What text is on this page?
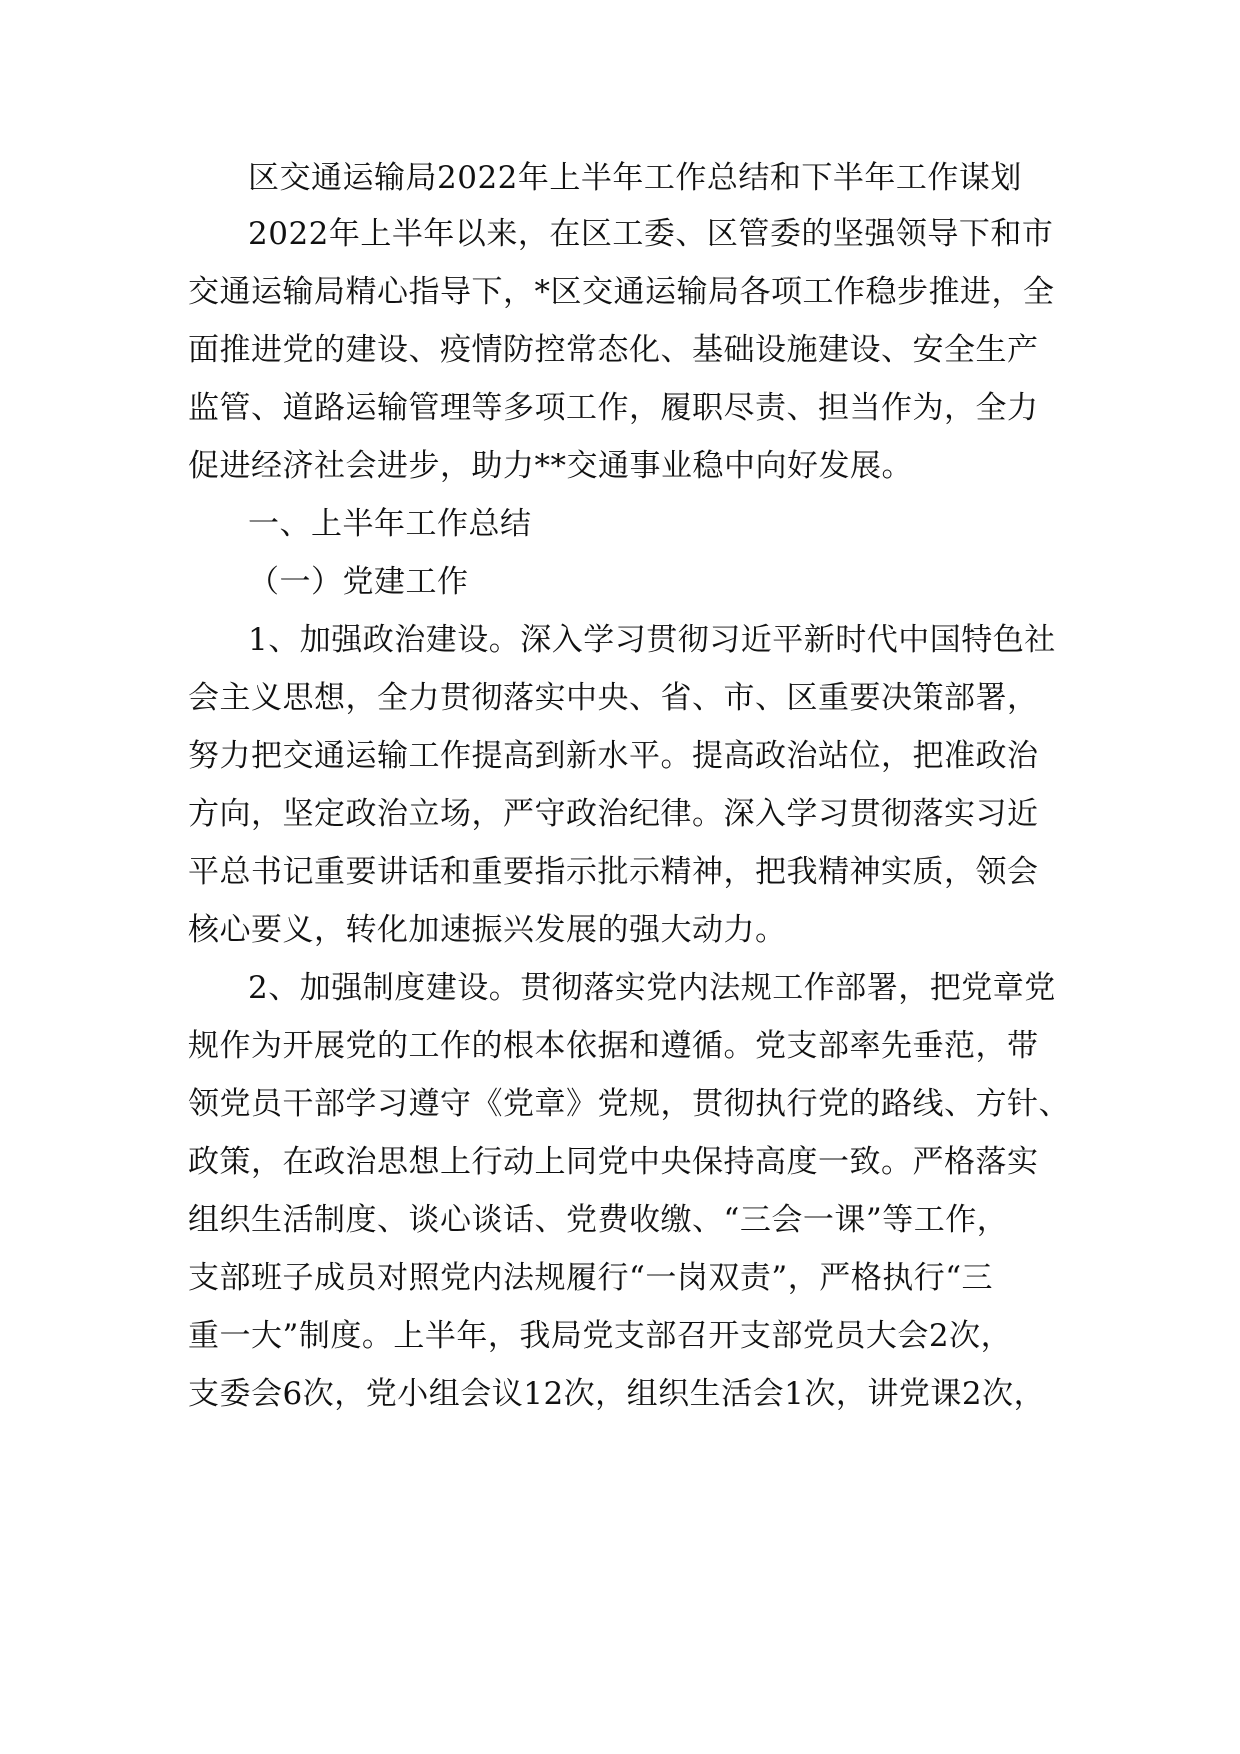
区交通运输局2022年上半年工作总结和下半年工作谋划
2022年上半年以来，在区工委、区管委的坚强领导下和市
交通运输局精心指导下，*区交通运输局各项工作稳步推进，全
面推进党的建设、疫情防控常态化、基础设施建设、安全生产
监管、道路运输管理等多项工作，履职尽责、担当作为，全力
促进经济社会进步，助力**交通事业稳中向好发展。
一、上半年工作总结
（一）党建工作
1、加强政治建设。深入学习贯彻习近平新时代中国特色社
会主义思想，全力贯彻落实中央、省、市、区重要决策部署，
努力把交通运输工作提高到新水平。提高政治站位，把准政治
方向，坚定政治立场，严守政治纪律。深入学习贯彻落实习近
平总书记重要讲话和重要指示批示精神，把我精神实质，领会
核心要义，转化加速振兴发展的强大动力。
2、加强制度建设。贯彻落实党内法规工作部署，把党章党
规作为开展党的工作的根本依据和遵循。党支部率先垂范，带
领党员干部学习遵守《党章》党规，贯彻执行党的路线、方针、
政策，在政治思想上行动上同党中央保持高度一致。严格落实
组织生活制度、谈心谈话、党费收缴、“三会一课”等工作，
支部班子成员对照党内法规履行“一岗双责”，严格执行“三
重一大”制度。上半年，我局党支部召开支部党员大会2次，
支委会6次，党小组会议12次，组织生活会1次，讲党课2次，
